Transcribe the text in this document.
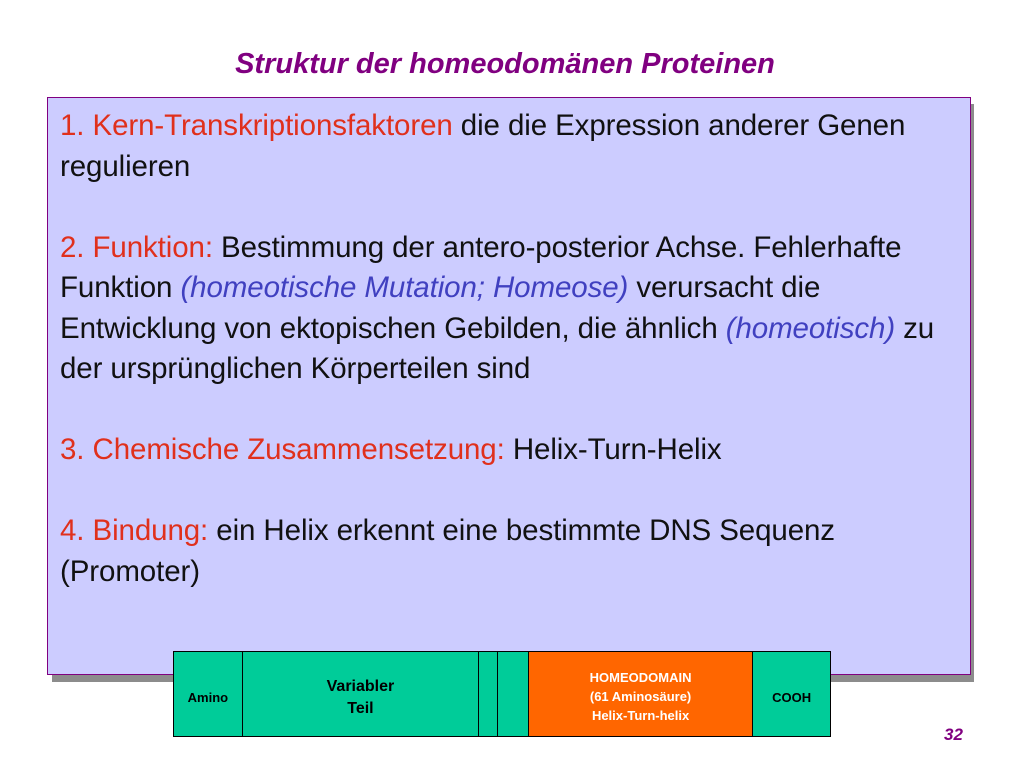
Struktur der homeodomänen Proteinen

1. Kern-Transkriptionsfaktoren die die Expression anderer Genen regulieren

2. Funktion: Bestimmung der antero-posterior Achse. Fehlerhafte Funktion (homeotische Mutation; Homeose) verursacht die Entwicklung von ektopischen Gebilden, die ähnlich (homeotisch) zu der ursprünglichen Körperteilen sind

3. Chemische Zusammensetzung: Helix-Turn-Helix

4. Bindung: ein Helix erkennt eine bestimmte DNS Sequenz (Promoter)

Amino
Variabler
Teil
HOMEODOMAIN
(61 Aminosäure)
Helix-Turn-helix
COOH
32
